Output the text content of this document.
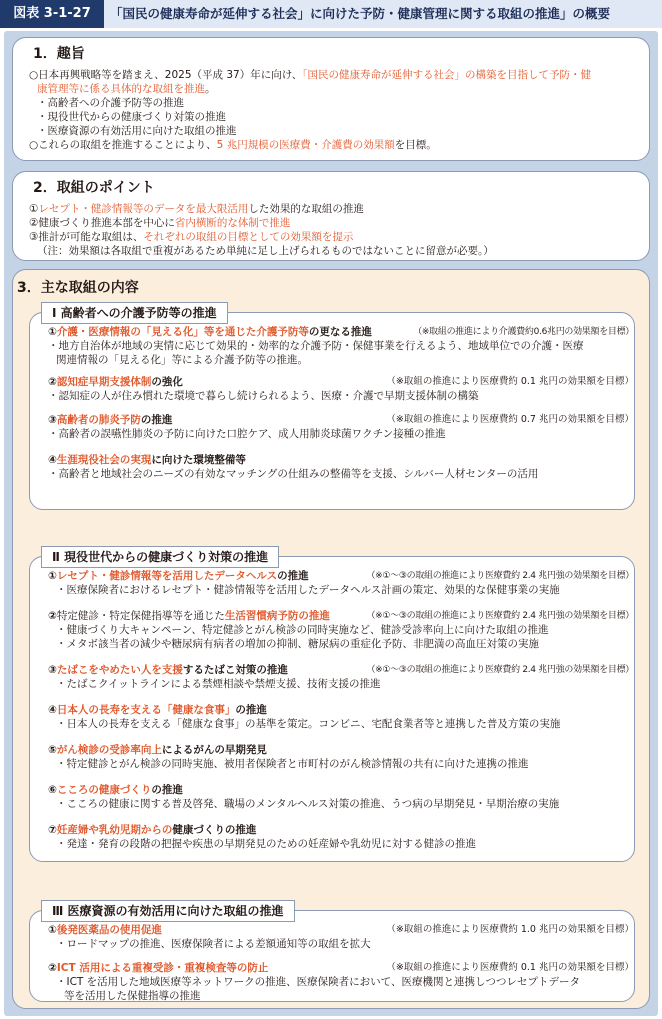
図表 3-1-27	「国民の健康寿命が延伸する社会」に向けた予防・健康管理に関する取組の推進」の概要
1．趣旨
○日本再興戦略等を踏まえ、2025（平成 37）年に向け、「国民の健康寿命が延伸する社会」の構築を目指して予防・健
康管理等に係る具体的な取組を推進。
・高齢者への介護予防等の推進
・現役世代からの健康づくり対策の推進
・医療資源の有効活用に向けた取組の推進
○これらの取組を推進することにより、5 兆円規模の医療費・介護費の効果額を目標。
2．取組のポイント
①レセプト・健診情報等のデータを最大限活用した効果的な取組の推進
②健康づくり推進本部を中心に省内横断的な体制で推進
③推計が可能な取組は、それぞれの取組の目標としての効果額を提示
（注：効果額は各取組で重複があるため単純に足し上げられるものではないことに留意が必要。）
3．主な取組の内容
① 介護・医療情報の「見える化」等を通じた介護予防等 の更なる推進	（※取組の推進により介護費約0.6兆円の効果額を目標）
・地方自治体が地域の実情に応じて効果的・効率的な介護予防・保健事業を行えるよう、地域単位での介護・医療
関連情報の「見える化」等による介護予防等の推進。
② 認知症早期支援体制 の強化	（※取組の推進により医療費約 0.1 兆円の効果額を目標）
・認知症の人が住み慣れた環境で暮らし続けられるよう、医療・介護で早期支援体制の構築
③ 高齢者の肺炎予防 の推進	（※取組の推進により医療費約 0.7 兆円の効果額を目標）
・高齢者の誤嚥性肺炎の予防に向けた口腔ケア、成人用肺炎球菌ワクチン接種の推進
④ 生涯現役社会の実現 に向けた環境整備等
・高齢者と地域社会のニーズの有効なマッチングの仕組みの整備等を支援、シルバー人材センターの活用
Ⅰ 高齢者への介護予防等の推進
① レセプト・健診情報等を活用したデータヘルス の推進	（※①～③の取組の推進により医療費約 2.4 兆円強の効果額を目標）
・医療保険者におけるレセプト・健診情報等を活用したデータヘルス計画の策定、効果的な保健事業の実施
② 特定健診・特定保健指導等を通じた 生活習慣病予防の推進	（※①～③の取組の推進により医療費約 2.4 兆円強の効果額を目標）
・健康づくり大キャンペーン、特定健診とがん検診の同時実施など、健診受診率向上に向けた取組の推進
・メタボ該当者の減少や糖尿病有病者の増加の抑制、糖尿病の重症化予防、非肥満の高血圧対策の実施
③ たばこをやめたい人を支援 するたばこ対策の推進	（※①～③の取組の推進により医療費約 2.4 兆円強の効果額を目標）
・たばこクイットラインによる禁煙相談や禁煙支援、技術支援の推進
④ 日本人の長寿を支える「健康な食事」 の推進
・日本人の長寿を支える「健康な食事」の基準を策定。コンビニ、宅配食業者等と連携した普及方策の実施
⑤ がん検診の受診率向上 によるがんの早期発見
・特定健診とがん検診の同時実施、被用者保険者と市町村のがん検診情報の共有に向けた連携の推進
⑥ こころの健康づくり の推進
・こころの健康に関する普及啓発、職場のメンタルヘルス対策の推進、うつ病の早期発見・早期治療の実施
⑦ 妊産婦や乳幼児期からの 健康づくりの推進
・発達・発育の段階の把握や疾患の早期発見のための妊産婦や乳幼児に対する健診の推進
Ⅱ 現役世代からの健康づくり対策の推進
① 後発医薬品の使用促進	（※取組の推進により医療費約 1.0 兆円の効果額を目標）
・ロードマップの推進、医療保険者による差額通知等の取組を拡大
② ICT 活用による重複受診・重複検査等の防止	（※取組の推進により医療費約 0.1 兆円の効果額を目標）
・ICT を活用した地域医療等ネットワークの推進、医療保険者において、医療機関と連携しつつレセプトデータ
等を活用した保健指導の推進
Ⅲ 医療資源の有効活用に向けた取組の推進
